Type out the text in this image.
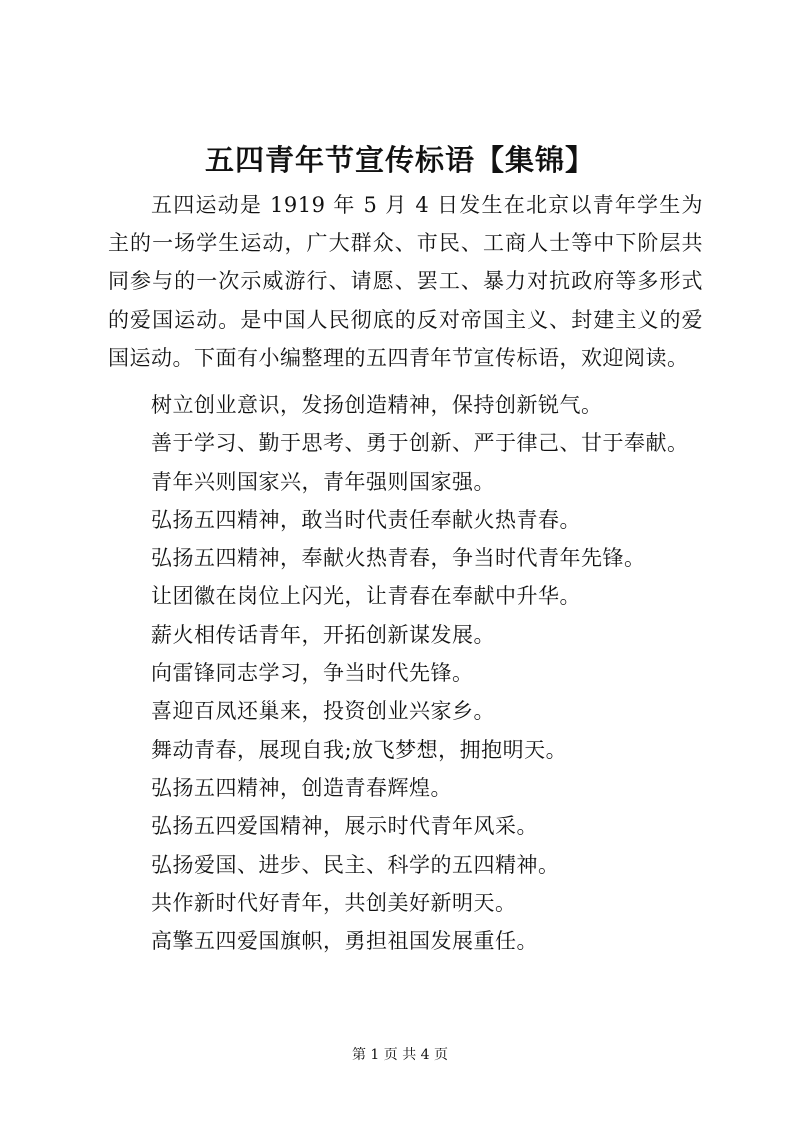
五四青年节宣传标语【集锦】

五四运动是 1919 年 5 月 4 日发生在北京以青年学生为主的一场学生运动，广大群众、市民、工商人士等中下阶层共同参与的一次示威游行、请愿、罢工、暴力对抗政府等多形式的爱国运动。是中国人民彻底的反对帝国主义、封建主义的爱国运动。下面有小编整理的五四青年节宣传标语，欢迎阅读。

树立创业意识，发扬创造精神，保持创新锐气。
善于学习、勤于思考、勇于创新、严于律己、甘于奉献。
青年兴则国家兴，青年强则国家强。
弘扬五四精神，敢当时代责任奉献火热青春。
弘扬五四精神，奉献火热青春，争当时代青年先锋。
让团徽在岗位上闪光，让青春在奉献中升华。
薪火相传话青年，开拓创新谋发展。
向雷锋同志学习，争当时代先锋。
喜迎百凤还巢来，投资创业兴家乡。
舞动青春，展现自我;放飞梦想，拥抱明天。
弘扬五四精神，创造青春辉煌。
弘扬五四爱国精神，展示时代青年风采。
弘扬爱国、进步、民主、科学的五四精神。
共作新时代好青年，共创美好新明天。
高擎五四爱国旗帜，勇担祖国发展重任。
第 1 页 共 4 页
